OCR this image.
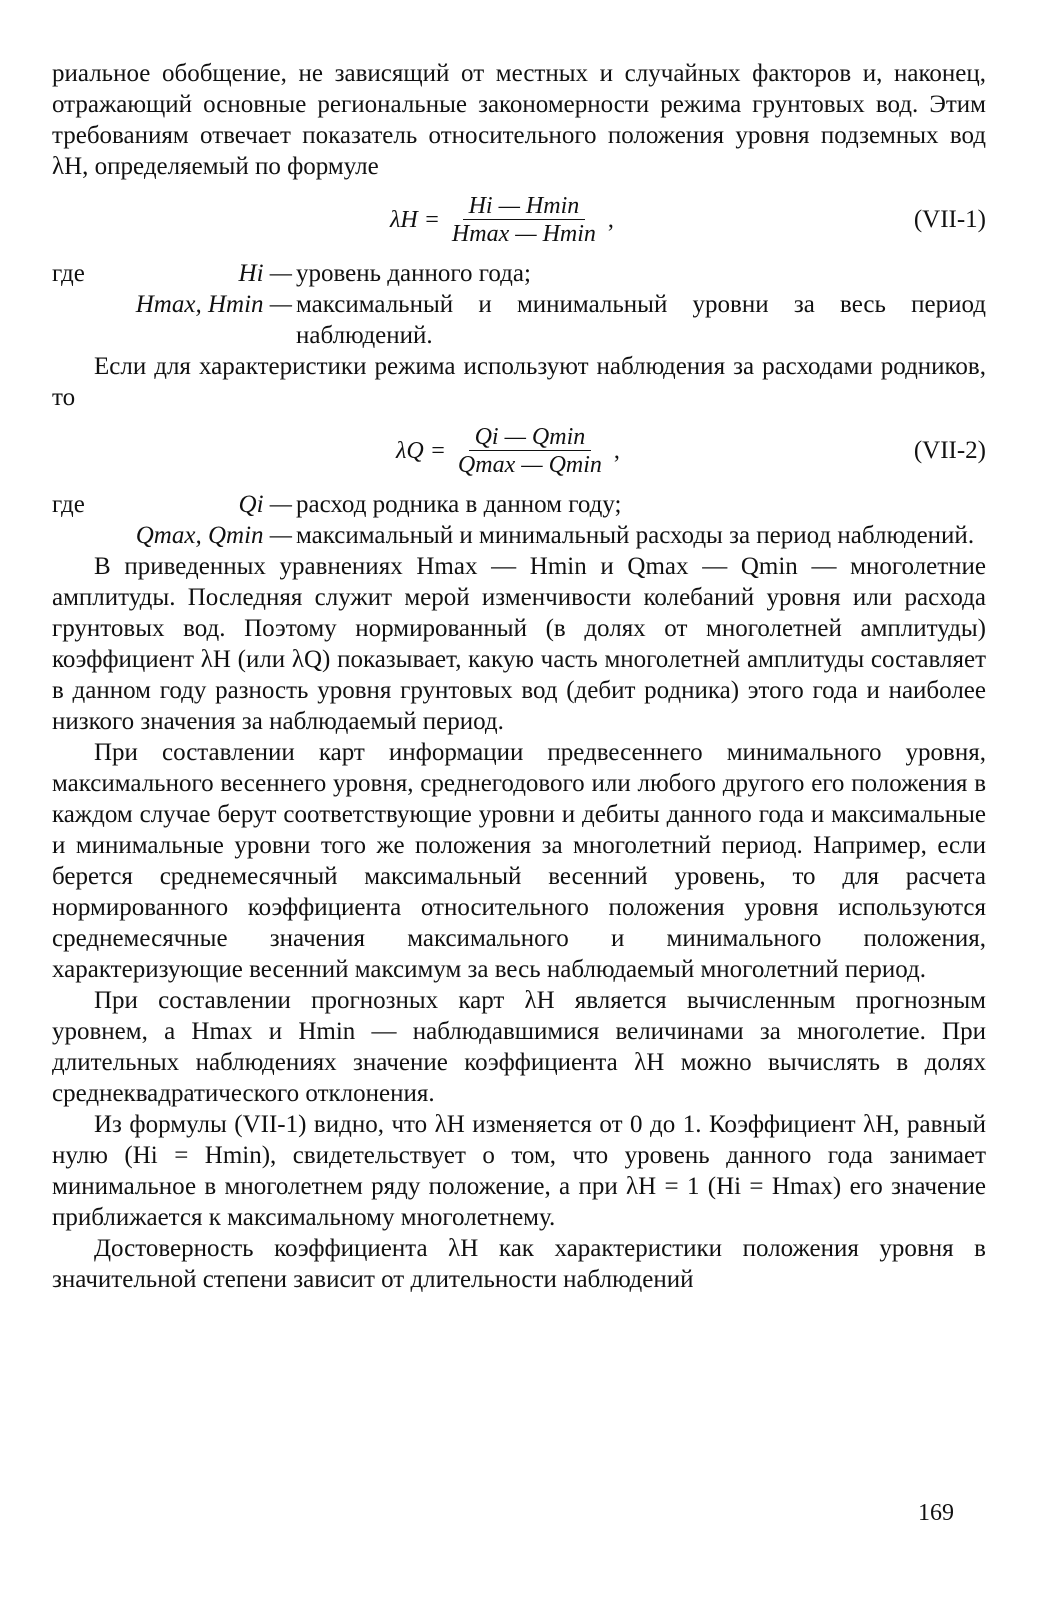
риальное обобщение, не зависящий от местных и случайных факторов и, наконец, отражающий основные региональные закономерности режима грунтовых вод. Этим требованиям отвечает показатель относительного положения уровня подземных вод λH, определяемый по формуле

$\lambda H = \frac{Hi — Hmin}{Hmax — Hmin}$ ,	(VII-1)
где	Hi — уровень данного года;
Hmax, Hmin — максимальный и минимальный уровни за весь период наблюдений.

Если для характеристики режима используют наблюдения за расходами родников, то

$\lambda Q = \frac{Qi — Qmin}{Qmax — Qmin}$ ,	(VII-2)
где	Qi — расход родника в данном году;
Qmax, Qmin — максимальный и минимальный расходы за период наблюдений.

В приведенных уравнениях Hmax — Hmin и Qmax — Qmin — многолетние амплитуды. Последняя служит мерой изменчивости колебаний уровня или расхода грунтовых вод. Поэтому нормированный (в долях от многолетней амплитуды) коэффициент λH (или λQ) показывает, какую часть многолетней амплитуды составляет в данном году разность уровня грунтовых вод (дебит родника) этого года и наиболее низкого значения за наблюдаемый период.

При составлении карт информации предвесеннего минимального уровня, максимального весеннего уровня, среднегодового или любого другого его положения в каждом случае берут соответствующие уровни и дебиты данного года и максимальные и минимальные уровни того же положения за многолетний период. Например, если берется среднемесячный максимальный весенний уровень, то для расчета нормированного коэффициента относительного положения уровня используются среднемесячные значения максимального и минимального положения, характеризующие весенний максимум за весь наблюдаемый многолетний период.

При составлении прогнозных карт λH является вычисленным прогнозным уровнем, а Hmax и Hmin — наблюдавшимися величинами за многолетие. При длительных наблюдениях значение коэффициента λH можно вычислять в долях среднеквадратического отклонения.

Из формулы (VII-1) видно, что λH изменяется от 0 до 1. Коэффициент λH, равный нулю (Hi = Hmin), свидетельствует о том, что уровень данного года занимает минимальное в многолетнем ряду положение, а при λH = 1 (Hi = Hmax) его значение приближается к максимальному многолетнему.

Достоверность коэффициента λH как характеристики положения уровня в значительной степени зависит от длительности наблюдений

169
